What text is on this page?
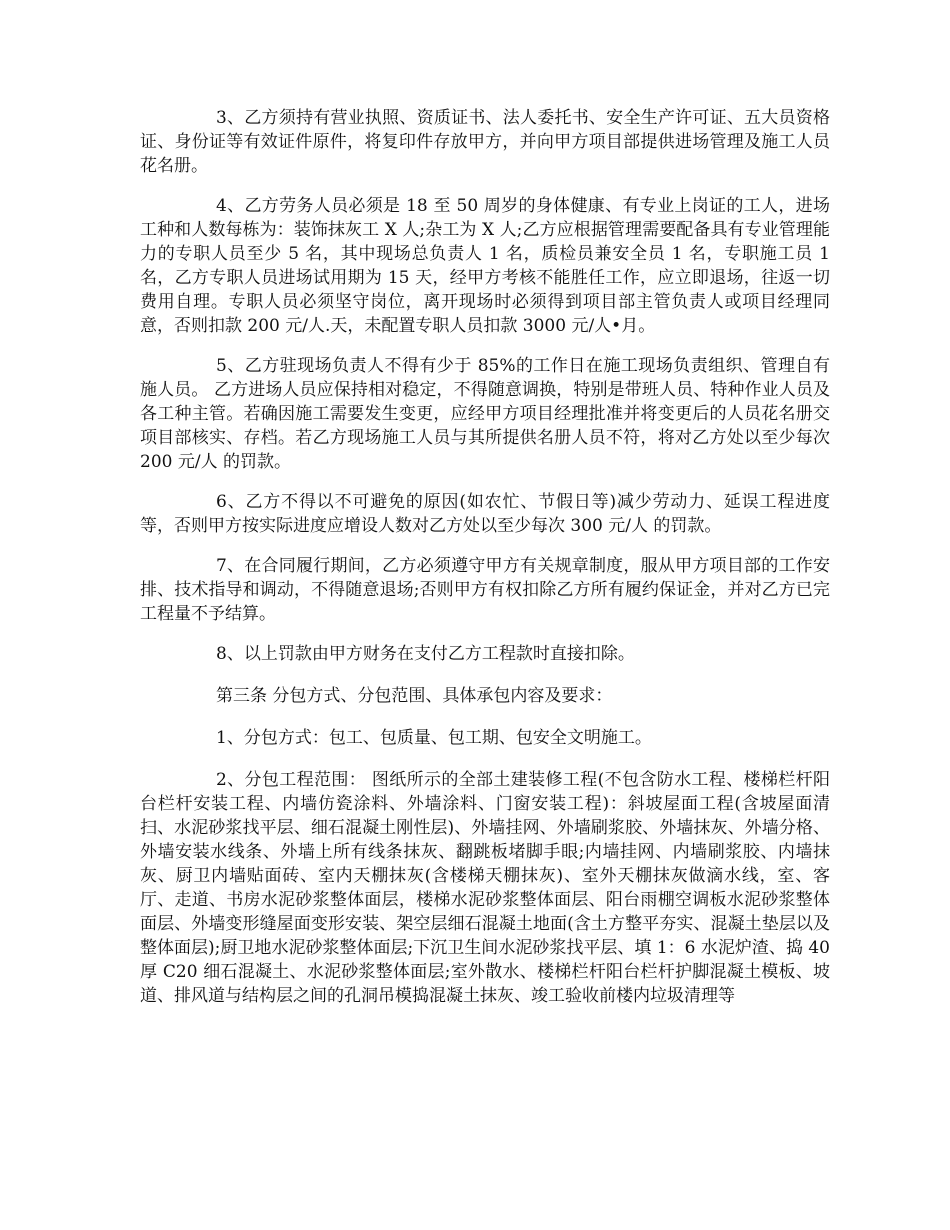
3、乙方须持有营业执照、资质证书、法人委托书、安全生产许可证、五大员资格证、身份证等有效证件原件，将复印件存放甲方，并向甲方项目部提供进场管理及施工人员花名册。

4、乙方劳务人员必须是 18 至 50 周岁的身体健康、有专业上岗证的工人，进场工种和人数每栋为：装饰抹灰工 X 人;杂工为 X 人;乙方应根据管理需要配备具有专业管理能力的专职人员至少 5 名，其中现场总负责人 1 名，质检员兼安全员 1 名，专职施工员 1 名，乙方专职人员进场试用期为 15 天，经甲方考核不能胜任工作，应立即退场，往返一切费用自理。专职人员必须坚守岗位，离开现场时必须得到项目部主管负责人或项目经理同意，否则扣款 200 元/人.天，未配置专职人员扣款 3000 元/人•月。

5、乙方驻现场负责人不得有少于 85%的工作日在施工现场负责组织、管理自有施人员。 乙方进场人员应保持相对稳定，不得随意调换，特别是带班人员、特种作业人员及各工种主管。若确因施工需要发生变更，应经甲方项目经理批准并将变更后的人员花名册交项目部核实、存档。若乙方现场施工人员与其所提供名册人员不符，将对乙方处以至少每次 200 元/人 的罚款。

6、乙方不得以不可避免的原因(如农忙、节假日等)减少劳动力、延误工程进度等，否则甲方按实际进度应增设人数对乙方处以至少每次 300 元/人 的罚款。

7、在合同履行期间，乙方必须遵守甲方有关规章制度，服从甲方项目部的工作安排、技术指导和调动，不得随意退场;否则甲方有权扣除乙方所有履约保证金，并对乙方已完工程量不予结算。

8、以上罚款由甲方财务在支付乙方工程款时直接扣除。

第三条 分包方式、分包范围、具体承包内容及要求：

1、分包方式：包工、包质量、包工期、包安全文明施工。

2、分包工程范围： 图纸所示的全部土建装修工程(不包含防水工程、楼梯栏杆阳台栏杆安装工程、内墙仿瓷涂料、外墙涂料、门窗安装工程)：斜坡屋面工程(含坡屋面清扫、水泥砂浆找平层、细石混凝土刚性层)、外墙挂网、外墙刷浆胶、外墙抹灰、外墙分格、外墙安装水线条、外墙上所有线条抹灰、翻跳板堵脚手眼;内墙挂网、内墙刷浆胶、内墙抹灰、厨卫内墙贴面砖、室内天棚抹灰(含楼梯天棚抹灰)、室外天棚抹灰做滴水线，室、客厅、走道、书房水泥砂浆整体面层，楼梯水泥砂浆整体面层、阳台雨棚空调板水泥砂浆整体面层、外墙变形缝屋面变形安装、架空层细石混凝土地面(含土方整平夯实、混凝土垫层以及整体面层);厨卫地水泥砂浆整体面层;下沉卫生间水泥砂浆找平层、填 1：6 水泥炉渣、捣 40 厚 C20 细石混凝土、水泥砂浆整体面层;室外散水、楼梯栏杆阳台栏杆护脚混凝土模板、坡道、排风道与结构层之间的孔洞吊模捣混凝土抹灰、竣工验收前楼内垃圾清理等
